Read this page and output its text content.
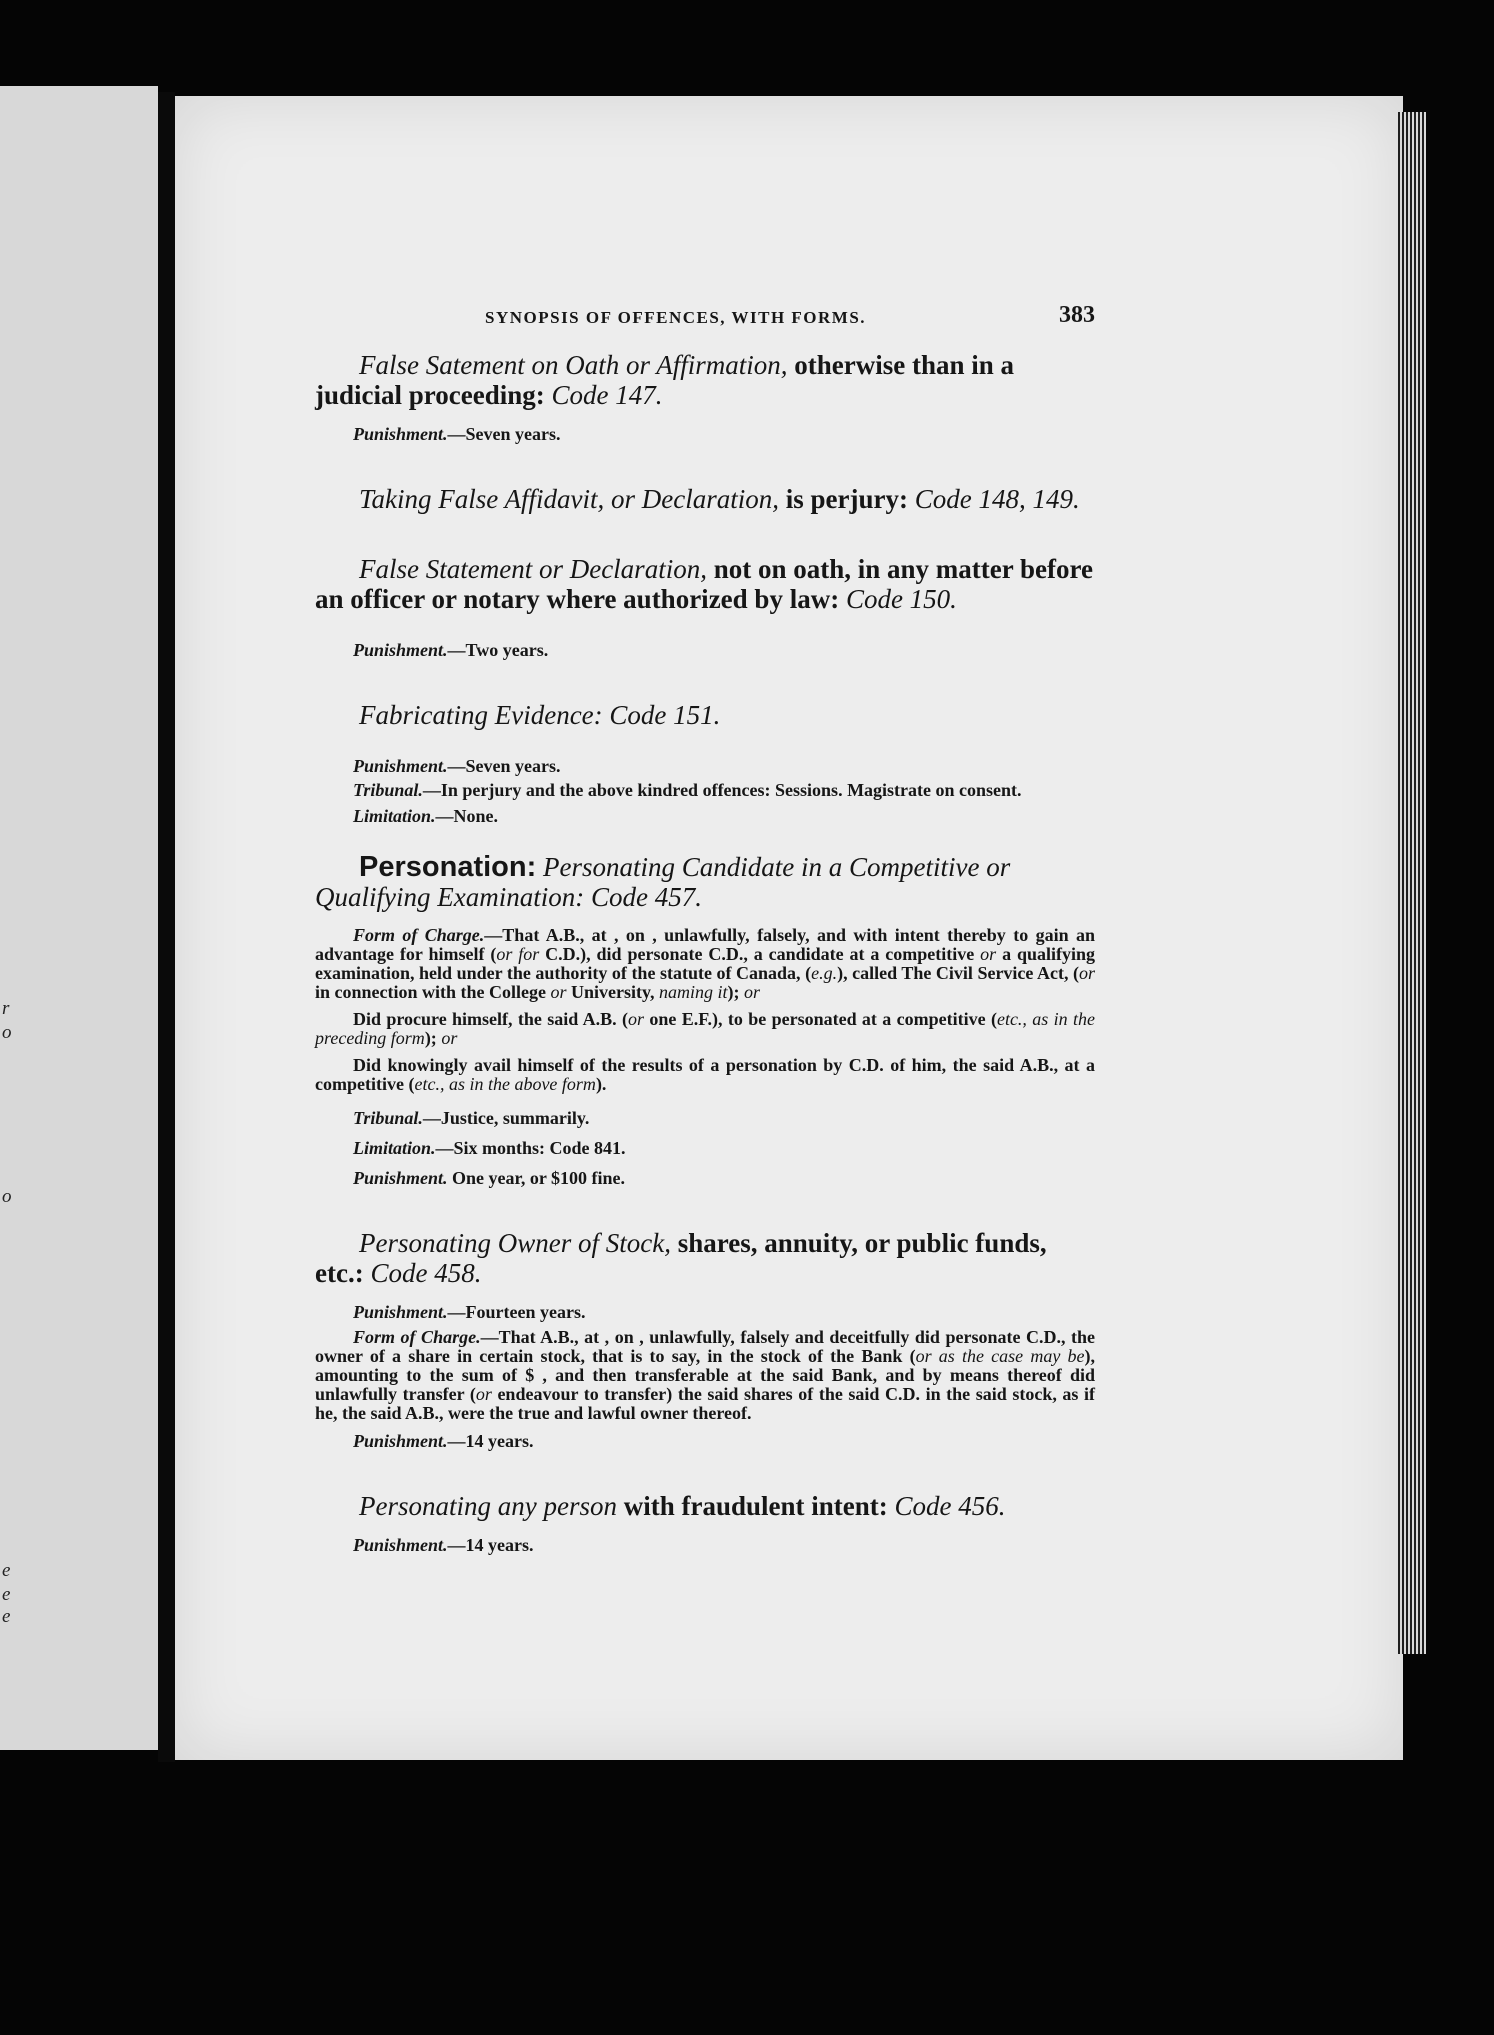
r
o
o
e
e
e
SYNOPSIS OF OFFENCES, WITH FORMS.	383

False Satement on Oath or Affirmation, otherwise than in a judicial proceeding: Code 147.

Punishment.—Seven years.

Taking False Affidavit, or Declaration, is perjury: Code 148, 149.

False Statement or Declaration, not on oath, in any matter before an officer or notary where authorized by law: Code 150.

Punishment.—Two years.

Fabricating Evidence: Code 151.

Punishment.—Seven years.

Tribunal.—In perjury and the above kindred offences: Sessions. Magistrate on consent.

Limitation.—None.

Personation: Personating Candidate in a Competitive or Qualifying Examination: Code 457.

Form of Charge.—That A.B., at , on , unlawfully, falsely, and with intent thereby to gain an advantage for himself (or for C.D.), did personate C.D., a candidate at a competitive or a qualifying examination, held under the authority of the statute of Canada, (e.g.), called The Civil Service Act, (or in connection with the College or University, naming it); or

Did procure himself, the said A.B. (or one E.F.), to be personated at a competitive (etc., as in the preceding form); or

Did knowingly avail himself of the results of a personation by C.D. of him, the said A.B., at a competitive (etc., as in the above form).

Tribunal.—Justice, summarily.

Limitation.—Six months: Code 841.

Punishment. One year, or $100 fine.

Personating Owner of Stock, shares, annuity, or public funds, etc.: Code 458.

Punishment.—Fourteen years.

Form of Charge.—That A.B., at , on , unlawfully, falsely and deceitfully did personate C.D., the owner of a share in certain stock, that is to say, in the stock of the Bank (or as the case may be), amounting to the sum of $ , and then transferable at the said Bank, and by means thereof did unlawfully transfer (or endeavour to transfer) the said shares of the said C.D. in the said stock, as if he, the said A.B., were the true and lawful owner thereof.

Punishment.—14 years.

Personating any person with fraudulent intent: Code 456.

Punishment.—14 years.
